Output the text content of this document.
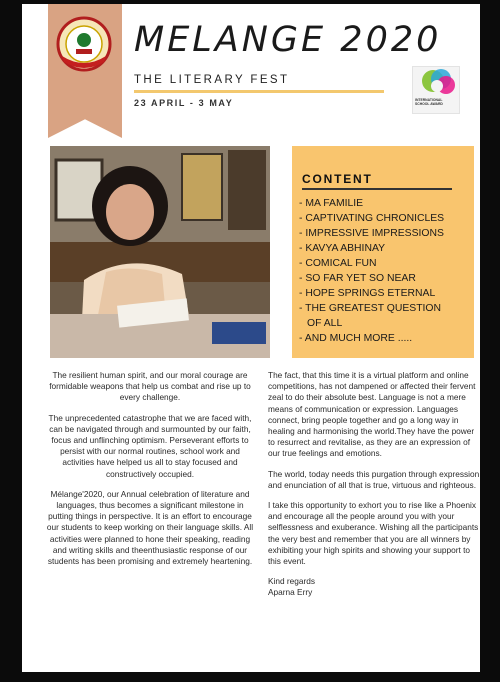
MELANGE 2020
THE LITERARY FEST
23 APRIL - 3 MAY	INTERNATIONAL SCHOOL AWARD
CONTENT
- MA FAMILIE
- CAPTIVATING CHRONICLES
- IMPRESSIVE IMPRESSIONS
- KAVYA ABHINAY
- COMICAL FUN
- SO FAR YET SO NEAR
- HOPE SPRINGS ETERNAL
- THE GREATEST QUESTION
OF ALL
- AND MUCH MORE .....

The resilient human spirit, and our moral courage are formidable weapons that help us combat and rise up to every challenge.

The unprecedented catastrophe that we are faced with, can be navigated through and surmounted by our faith, focus and unflinching optimism. Perseverant efforts to persist with our normal routines, school work and activities have helped us all to stay focused and constructively occupied.

Mélange'2020, our Annual celebration of literature and languages, thus becomes a significant milestone in putting things in perspective. It is an effort to encourage our students to keep working on their language skills. All activities were planned to hone their speaking, reading and writing skills and theenthusiastic response of our students has been promising and extremely heartening.

The fact, that this time it is a virtual platform and online competitions, has not dampened or affected their fervent zeal to do their absolute best. Language is not a mere means of communication or expression. Languages connect, bring people together and go a long way in healing and harmonising the world.They have the power to resurrect and revitalise, as they are an expression of our true feelings and emotions.

The world, today needs this purgation through expression and enunciation of all that is true, virtuous and righteous.

I take this opportunity to exhort you to rise like a Phoenix and encourage all the people around you with your selflessness and exuberance. Wishing all the participants the very best and remember that you are all winners by exhibiting your high spirits and showing your support to this event.

Kind regards

Aparna Erry
